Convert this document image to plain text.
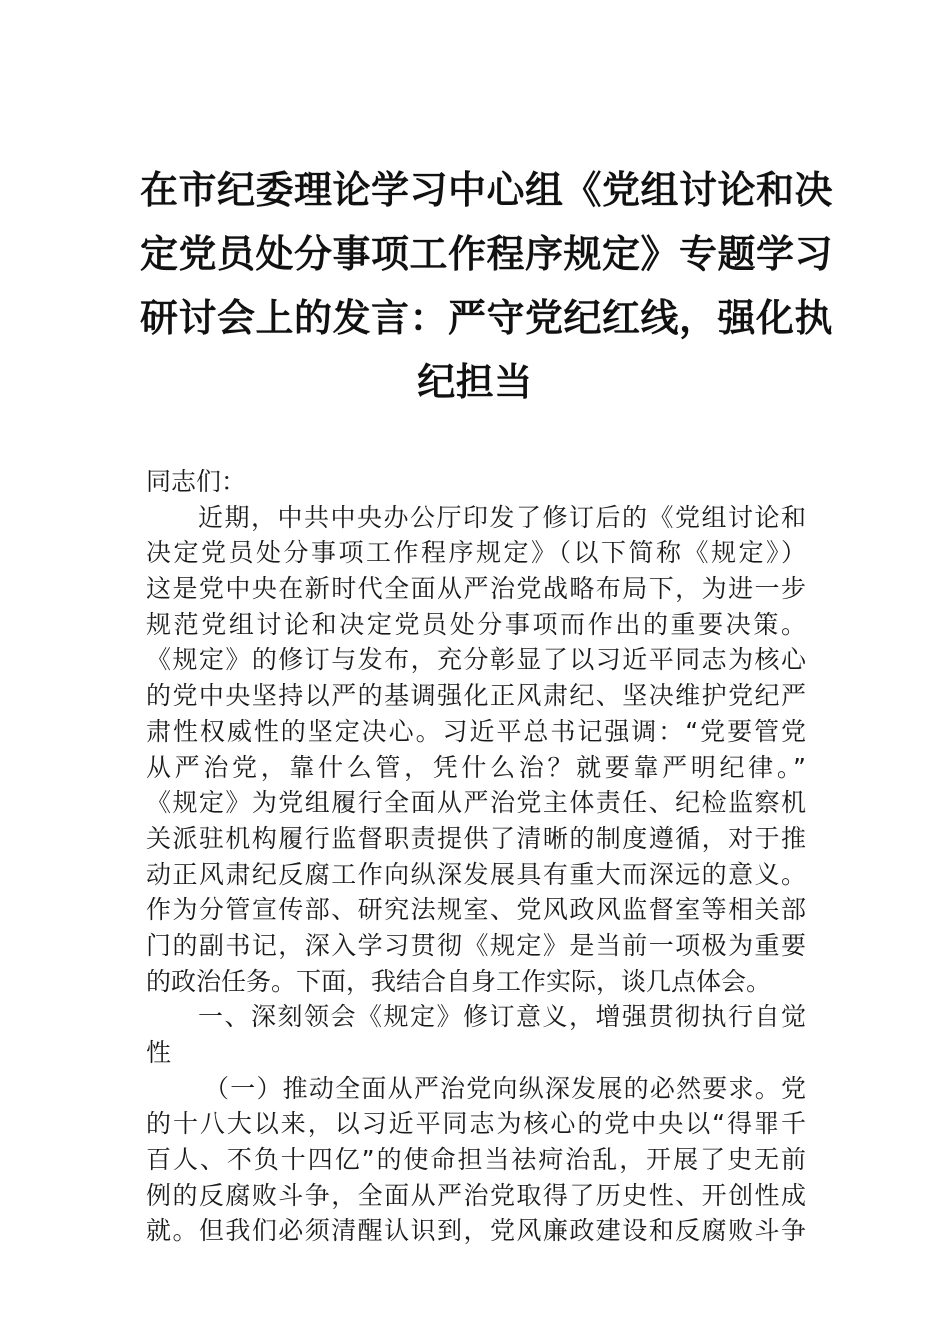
在市纪委理论学习中心组《党组讨论和决
定党员处分事项工作程序规定》专题学习
研讨会上的发言：严守党纪红线，强化执
纪担当
同志们：
近期，中共中央办公厅印发了修订后的《党组讨论和
决定党员处分事项工作程序规定》（以下简称《规定》）
这是党中央在新时代全面从严治党战略布局下，为进一步
规范党组讨论和决定党员处分事项而作出的重要决策。
《规定》的修订与发布，充分彰显了以习近平同志为核心
的党中央坚持以严的基调强化正风肃纪、坚决维护党纪严
肃性权威性的坚定决心。习近平总书记强调：“党要管党
从严治党，靠什么管，凭什么治？就要靠严明纪律。”
《规定》为党组履行全面从严治党主体责任、纪检监察机
关派驻机构履行监督职责提供了清晰的制度遵循，对于推
动正风肃纪反腐工作向纵深发展具有重大而深远的意义。
作为分管宣传部、研究法规室、党风政风监督室等相关部
门的副书记，深入学习贯彻《规定》是当前一项极为重要
的政治任务。下面，我结合自身工作实际，谈几点体会。
一、深刻领会《规定》修订意义，增强贯彻执行自觉
性
（一）推动全面从严治党向纵深发展的必然要求。党
的十八大以来，以习近平同志为核心的党中央以“得罪千
百人、不负十四亿”的使命担当祛疴治乱，开展了史无前
例的反腐败斗争，全面从严治党取得了历史性、开创性成
就。但我们必须清醒认识到，党风廉政建设和反腐败斗争
